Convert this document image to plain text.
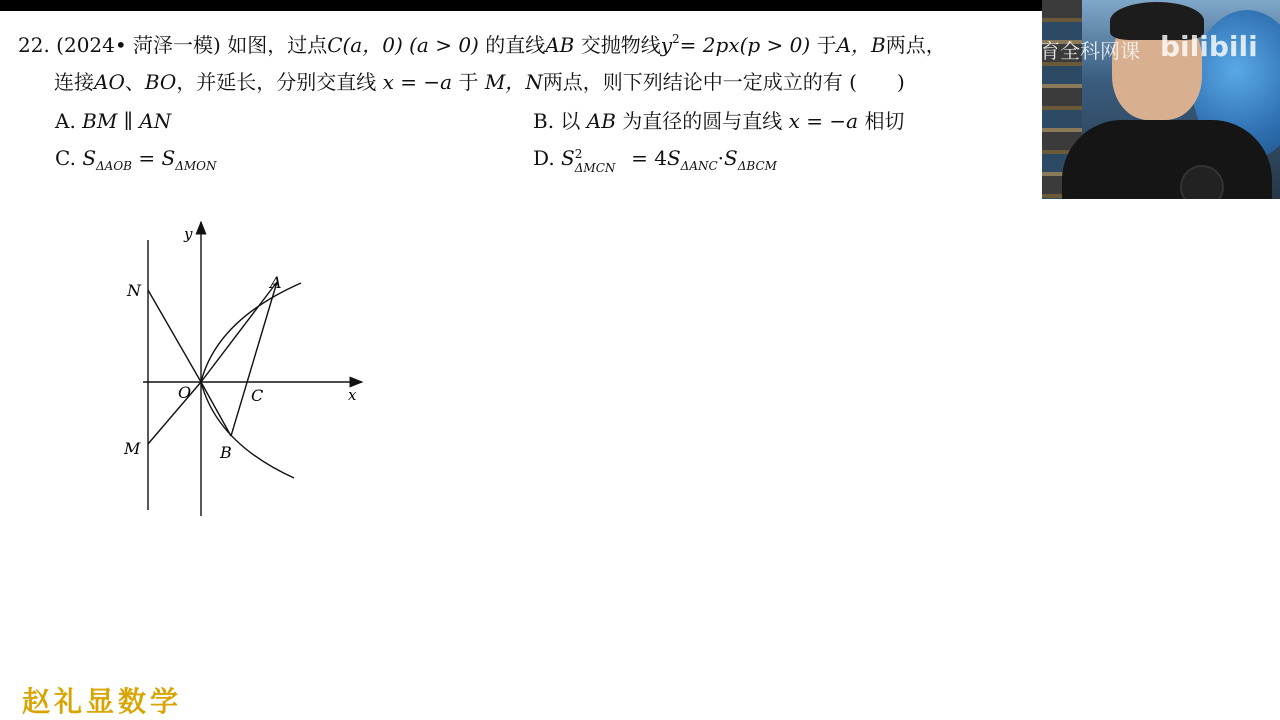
22. (2024• 菏泽一模) 如图，过点C(a，0) (a > 0) 的直线AB 交抛物线$y^2= 2px(p > 0)$ 于A，B两点，
连接AO、BO，并延长，分别交直线 x = −a 于 M，N两点，则下列结论中一定成立的有 (　　)
A. BM ∥ AN	B. 以 AB 为直径的圆与直线 x = −a 相切
C. $S_{\Delta AOB} = S_{\Delta MON}$	D. S 2
$\Delta MCN = 4S_{\Delta ANC}\cdot S_{\Delta BCM}$
y
x
O
A
B
C
M
N
育全科网课 bilibili
赵礼显数学
